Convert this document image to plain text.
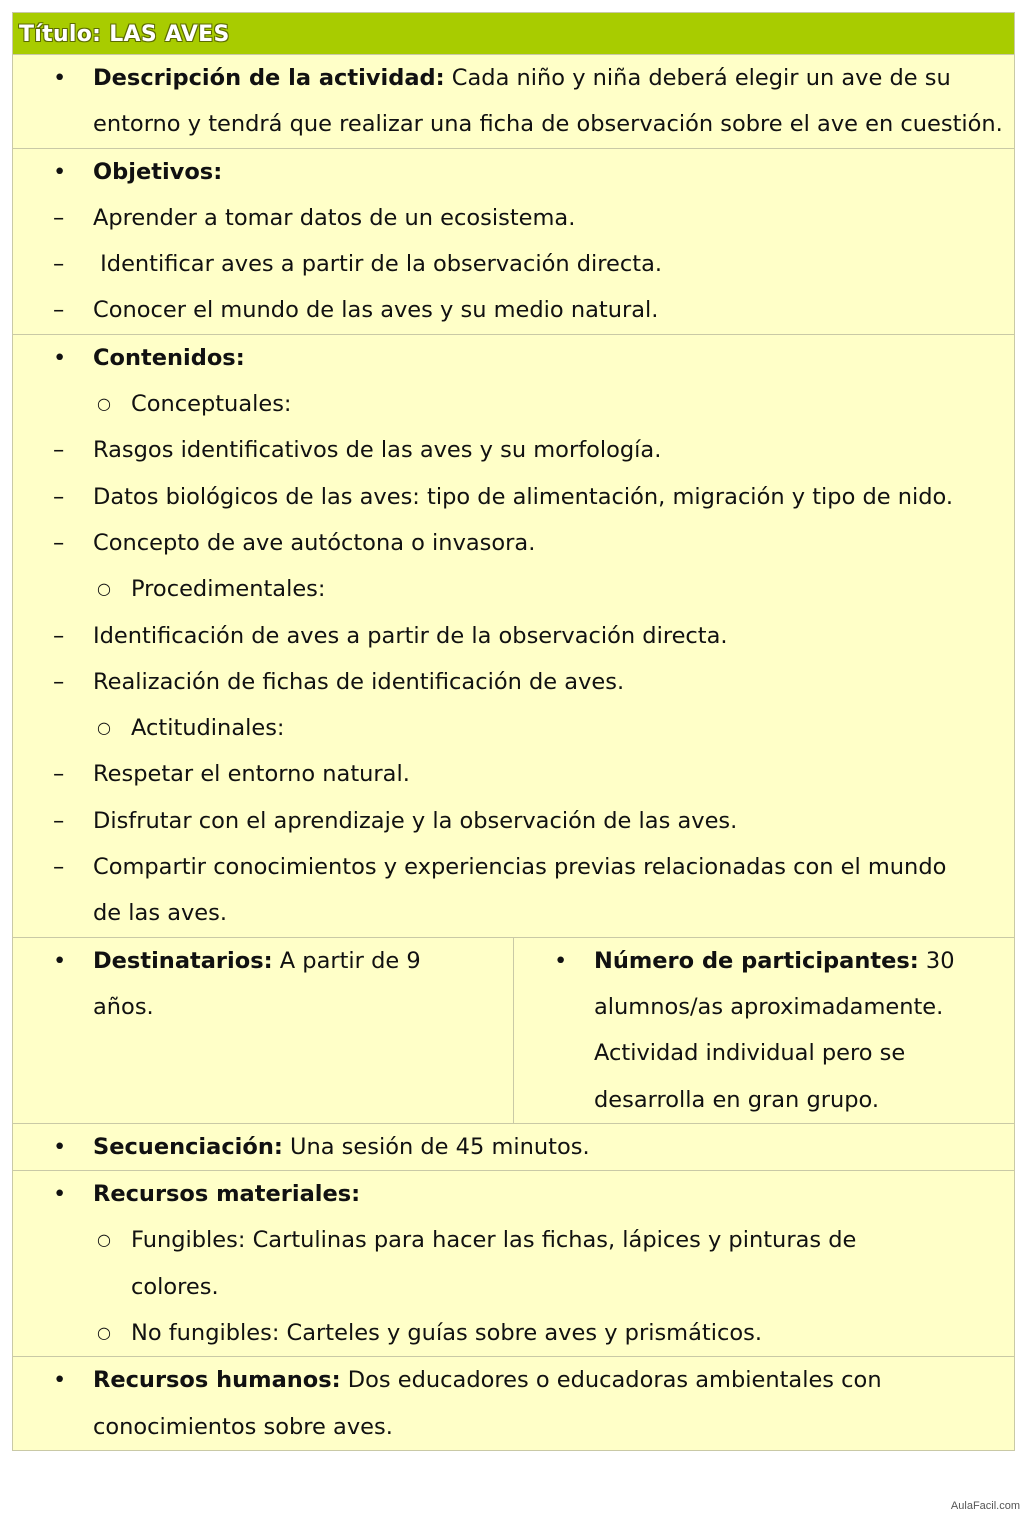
Título: LAS AVES

•	Descripción de la actividad: Cada niño y niña deberá elegir un ave de su entorno y tendrá que realizar una ficha de observación sobre el ave en cuestión.

•	Objetivos:

– Aprender a tomar datos de un ecosistema.

– Identificar aves a partir de la observación directa.

– Conocer el mundo de las aves y su medio natural.

•	Contenidos:

○ Conceptuales:

– Rasgos identificativos de las aves y su morfología.

– Datos biológicos de las aves: tipo de alimentación, migración y tipo de nido.

– Concepto de ave autóctona o invasora.

○ Procedimentales:

– Identificación de aves a partir de la observación directa.

– Realización de fichas de identificación de aves.

○ Actitudinales:

– Respetar el entorno natural.

– Disfrutar con el aprendizaje y la observación de las aves.

– Compartir conocimientos y experiencias previas relacionadas con el mundo de las aves.

•	Destinatarios: A partir de 9 años.

•	Número de participantes: 30 alumnos/as aproximadamente. Actividad individual pero se desarrolla en gran grupo.

•	Secuenciación: Una sesión de 45 minutos.

•	Recursos materiales:

○ Fungibles: Cartulinas para hacer las fichas, lápices y pinturas de colores.

○ No fungibles: Carteles y guías sobre aves y prismáticos.

•	Recursos humanos: Dos educadores o educadoras ambientales con conocimientos sobre aves.

AulaFacil.com
